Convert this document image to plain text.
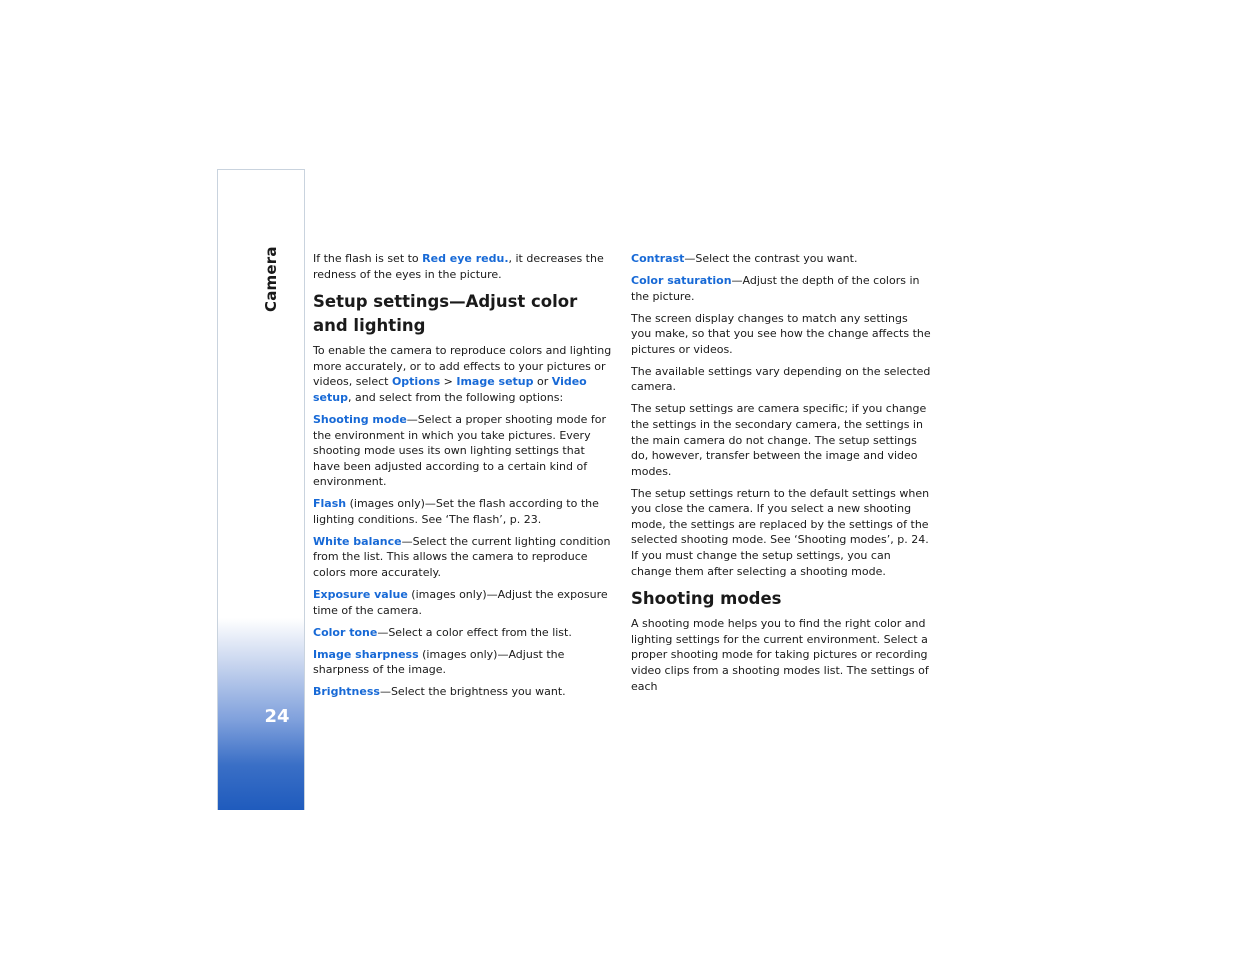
Camera
24

If the flash is set to Red eye redu., it decreases the redness of the eyes in the picture.

Setup settings—Adjust color and lighting

To enable the camera to reproduce colors and lighting more accurately, or to add effects to your pictures or videos, select Options > Image setup or Video setup, and select from the following options:

Shooting mode—Select a proper shooting mode for the environment in which you take pictures. Every shooting mode uses its own lighting settings that have been adjusted according to a certain kind of environment.

Flash (images only)—Set the flash according to the lighting conditions. See ‘The flash’, p. 23.

White balance—Select the current lighting condition from the list. This allows the camera to reproduce colors more accurately.

Exposure value (images only)—Adjust the exposure time of the camera.

Color tone—Select a color effect from the list.

Image sharpness (images only)—Adjust the sharpness of the image.

Brightness—Select the brightness you want.

Contrast—Select the contrast you want.

Color saturation—Adjust the depth of the colors in the picture.

The screen display changes to match any settings you make, so that you see how the change affects the pictures or videos.

The available settings vary depending on the selected camera.

The setup settings are camera specific; if you change the settings in the secondary camera, the settings in the main camera do not change. The setup settings do, however, transfer between the image and video modes.

The setup settings return to the default settings when you close the camera. If you select a new shooting mode, the settings are replaced by the settings of the selected shooting mode. See ‘Shooting modes’, p. 24. If you must change the setup settings, you can change them after selecting a shooting mode.

Shooting modes

A shooting mode helps you to find the right color and lighting settings for the current environment. Select a proper shooting mode for taking pictures or recording video clips from a shooting modes list. The settings of each
